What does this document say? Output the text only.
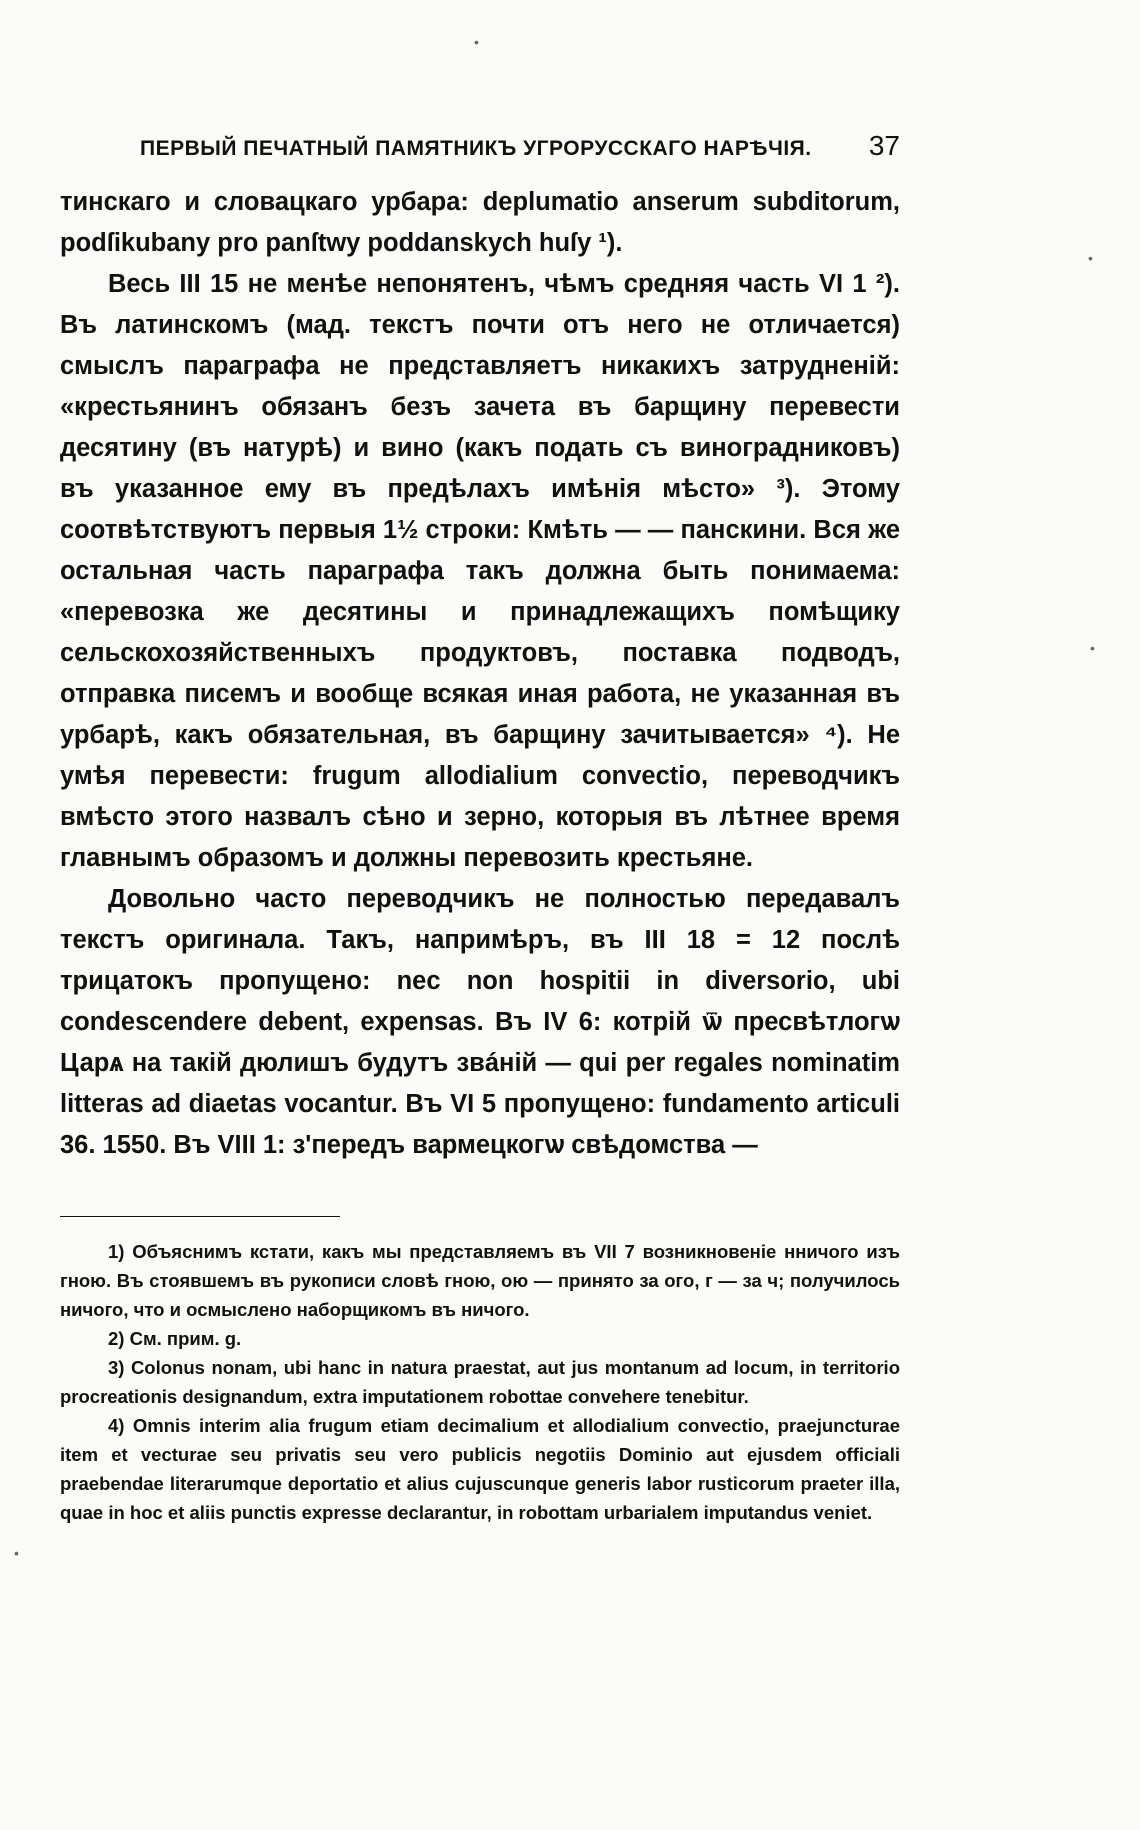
•
•
•
•
ПЕРВЫЙ ПЕЧАТНЫЙ ПАМЯТНИКЪ УГРОРУССКАГО НАРѢЧІЯ. 37

тинскаго и словацкаго урбара: deplumatio anserum subditorum, podſikubany pro panſtwy poddanskych huſy ¹).

Весь III 15 не менѣе непонятенъ, чѣмъ средняя часть VI 1 ²). Въ латинскомъ (мад. текстъ почти отъ него не отличается) смыслъ параграфа не представляетъ никакихъ затрудненій: «крестьянинъ обязанъ безъ зачета въ барщину перевести десятину (въ натурѣ) и вино (какъ подать съ виноградниковъ) въ указанное ему въ предѣлахъ имѣнія мѣсто» ³). Этому соотвѣтствуютъ первыя 1½ строки: Кмѣть — — панскини. Вся же остальная часть параграфа такъ должна быть понимаема: «перевозка же десятины и принадлежащихъ помѣщику сельскохозяйственныхъ продуктовъ, поставка подводъ, отправка писемъ и вообще всякая иная работа, не указанная въ урбарѣ, какъ обязательная, въ барщину зачитывается» ⁴). Не умѣя перевести: frugum allodialium convectio, переводчикъ вмѣсто этого назвалъ сѣно и зерно, которыя въ лѣтнее время главнымъ образомъ и должны перевозить крестьяне.

Довольно часто переводчикъ не полностью передавалъ текстъ оригинала. Такъ, напримѣръ, въ III 18 = 12 послѣ трицатокъ пропущено: nec non hospitii in diversorio, ubi condescendere debent, expensas. Въ IV 6: котрій ѿ пресвѣтлогѡ Царѧ на такій дюлишъ будутъ звáній — qui per regales nominatim litteras ad diaetas vocantur. Въ VI 5 пропущено: fundamento articuli 36. 1550. Въ VIII 1: з'передъ вармецкогѡ свѣдомства —

1) Объяснимъ кстати, какъ мы представляемъ въ VII 7 возникновеніе нничого изъ гною. Въ стоявшемъ въ рукописи словѣ гною, ою — принято за ого, г — за ч; получилось ничого, что и осмыслено наборщикомъ въ ничого.

2) См. прим. g.

3) Colonus nonam, ubi hanc in natura praestat, aut jus montanum ad locum, in territorio procreationis designandum, extra imputationem robottae convehere tenebitur.

4) Omnis interim alia frugum etiam decimalium et allodialium convectio, praejuncturae item et vecturae seu privatis seu vero publicis negotiis Dominio aut ejusdem officiali praebendae literarumque deportatio et alius cujuscunque generis labor rusticorum praeter illa, quae in hoc et aliis punctis expresse declarantur, in robottam urbarialem imputandus veniet.
